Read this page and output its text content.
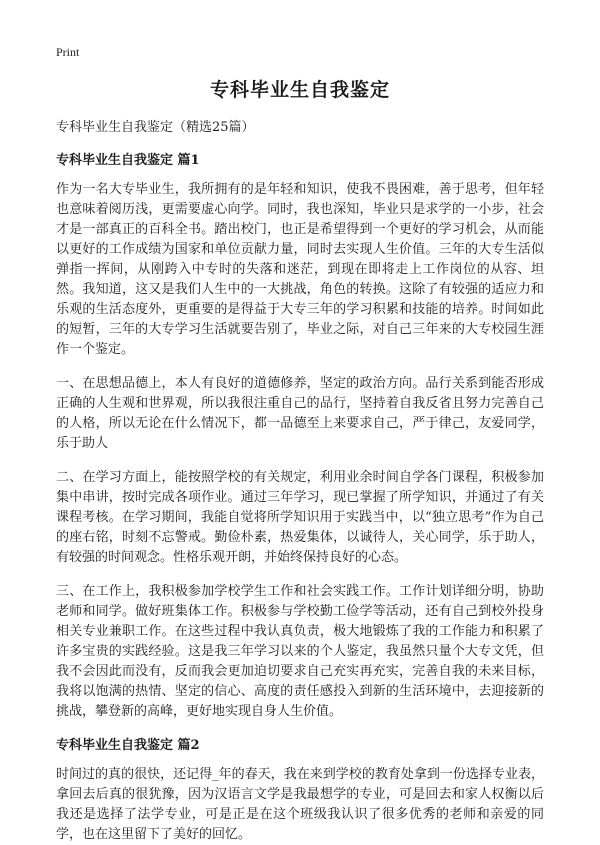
Print
专科毕业生自我鉴定
专科毕业生自我鉴定（精选25篇）
专科毕业生自我鉴定 篇1

作为一名大专毕业生，我所拥有的是年轻和知识，使我不畏困难，善于思考，但年轻也意味着阅历浅，更需要虚心向学。同时，我也深知，毕业只是求学的一小步，社会才是一部真正的百科全书。踏出校门，也正是希望得到一个更好的学习机会，从而能以更好的工作成绩为国家和单位贡献力量，同时去实现人生价值。三年的大专生活似弹指一挥间，从刚跨入中专时的失落和迷茫，到现在即将走上工作岗位的从容、坦然。我知道，这又是我们人生中的一大挑战，角色的转换。这除了有较强的适应力和乐观的生活态度外，更重要的是得益于大专三年的学习积累和技能的培养。时间如此的短暂，三年的大专学习生活就要告别了，毕业之际，对自己三年来的大专校园生涯作一个鉴定。

一、在思想品德上，本人有良好的道德修养，坚定的政治方向。品行关系到能否形成正确的人生观和世界观，所以我很注重自己的品行，坚持着自我反省且努力完善自己的人格，所以无论在什么情况下，都一品德至上来要求自己，严于律己，友爱同学，乐于助人

二、在学习方面上，能按照学校的有关规定，利用业余时间自学各门课程，积极参加集中串讲，按时完成各项作业。通过三年学习，现已掌握了所学知识，并通过了有关课程考核。在学习期间，我能自觉将所学知识用于实践当中，以“独立思考”作为自己的座右铭，时刻不忘警戒。勤俭朴素，热爱集体，以诚待人，关心同学，乐于助人，有较强的时间观念。性格乐观开朗，并始终保持良好的心态。

三、在工作上，我积极参加学校学生工作和社会实践工作。工作计划详细分明，协助老师和同学。做好班集体工作。积极参与学校勤工俭学等活动，还有自己到校外投身相关专业兼职工作。在这些过程中我认真负责，极大地锻炼了我的工作能力和积累了许多宝贵的实践经验。这是我三年学习以来的个人鉴定，我虽然只量个大专文凭，但我不会因此而没有，反而我会更加迫切要求自己充实再充实，完善自我的未来目标，我将以饱满的热情、坚定的信心、高度的责任感投入到新的生活环境中，去迎接新的挑战，攀登新的高峰，更好地实现自身人生价值。

专科毕业生自我鉴定 篇2

时间过的真的很快，还记得_年的春天，我在来到学校的教育处拿到一份选择专业表，拿回去后真的很犹豫，因为汉语言文学是我最想学的专业，可是回去和家人权衡以后我还是选择了法学专业，可是正是在这个班级我认识了很多优秀的老师和亲爱的同学，也在这里留下了美好的回忆。
